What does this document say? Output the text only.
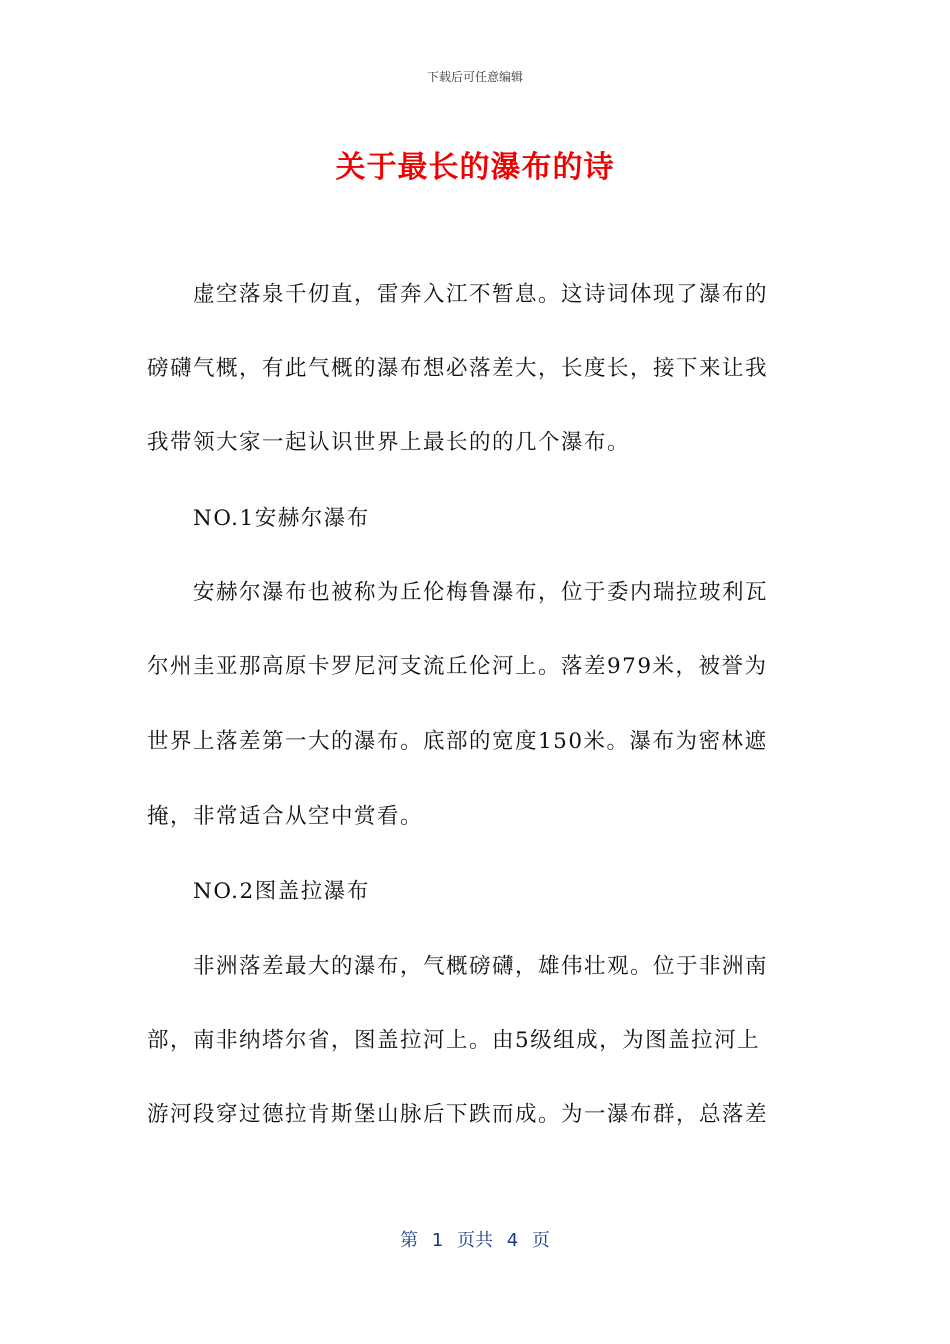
下载后可任意编辑
关于最长的瀑布的诗
虚空落泉千仞直，雷奔入江不暂息。这诗词体现了瀑布的
磅礴气概，有此气概的瀑布想必落差大，长度长，接下来让我
我带领大家一起认识世界上最长的的几个瀑布。
NO.1安赫尔瀑布
安赫尔瀑布也被称为丘伦梅鲁瀑布，位于委内瑞拉玻利瓦
尔州圭亚那高原卡罗尼河支流丘伦河上。落差979米，被誉为
世界上落差第一大的瀑布。底部的宽度150米。瀑布为密林遮
掩，非常适合从空中赏看。
NO.2图盖拉瀑布
非洲落差最大的瀑布，气概磅礴，雄伟壮观。位于非洲南
部，南非纳塔尔省，图盖拉河上。由5级组成，为图盖拉河上
游河段穿过德拉肯斯堡山脉后下跌而成。为一瀑布群，总落差
第 1 页共 4 页
